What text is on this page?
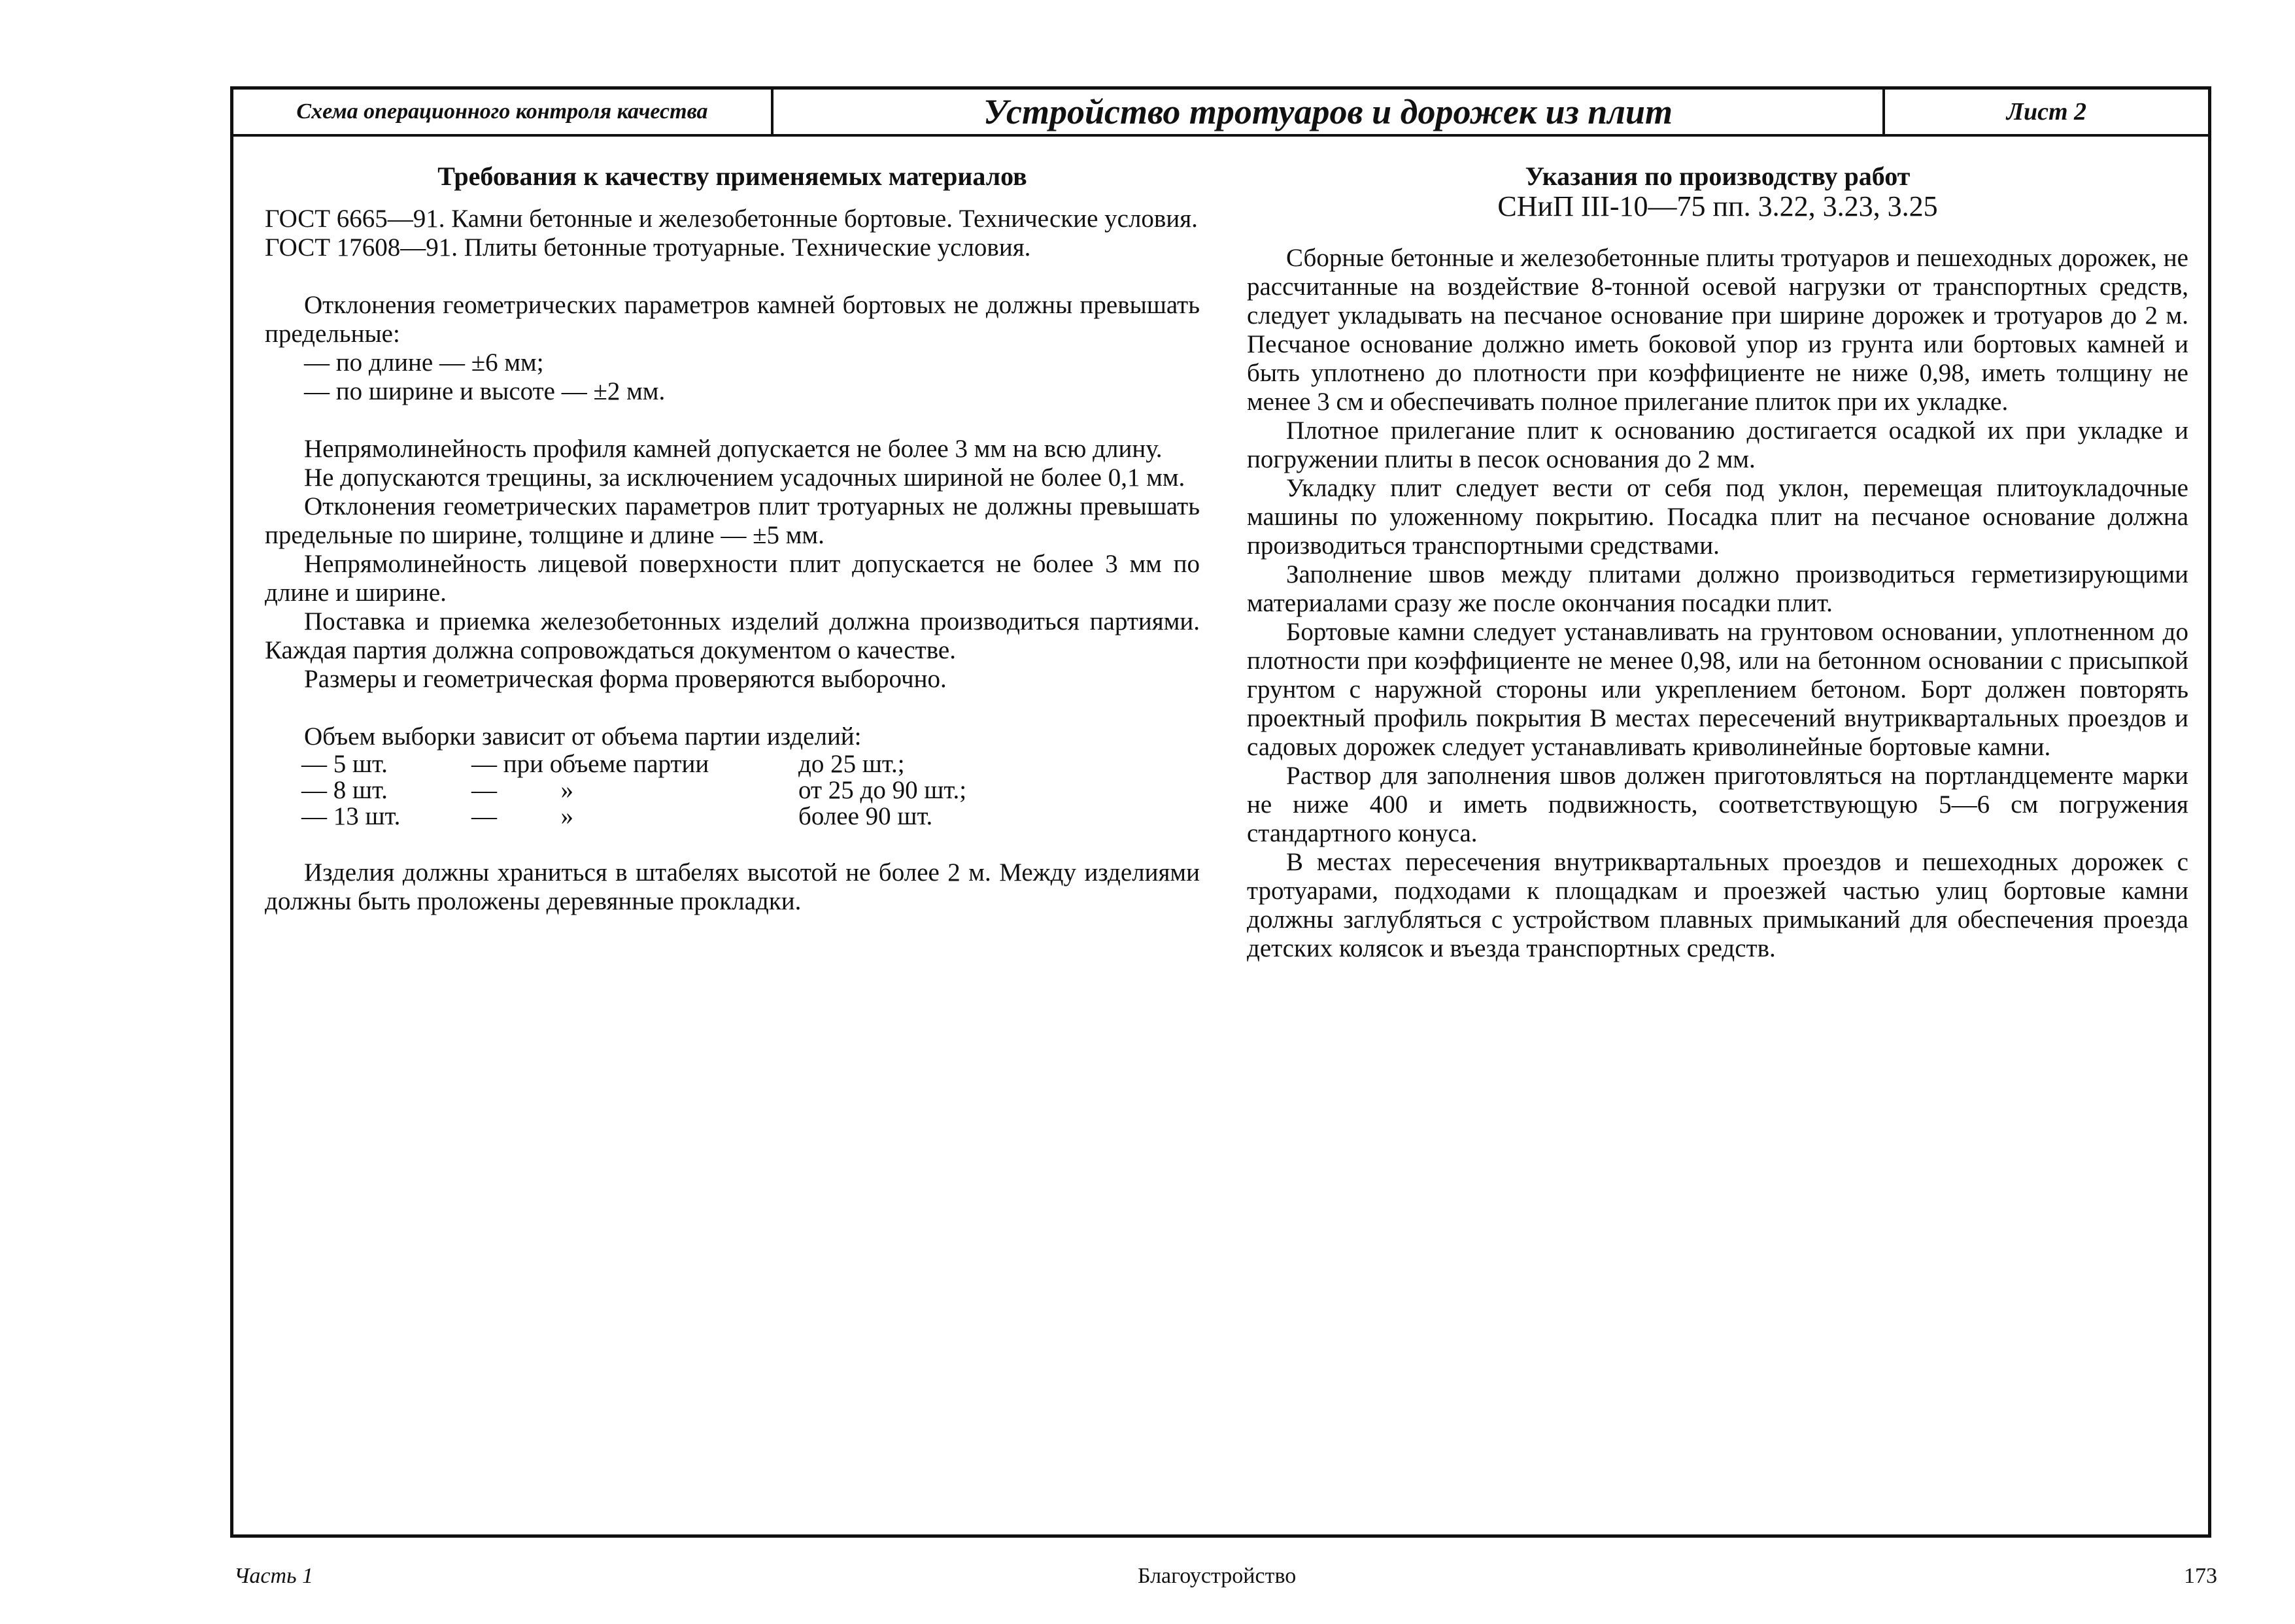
Схема операционного контроля качества	Устройство тротуаров и дорожек из плит	Лист 2
Требования к качеству применяемых материалов

ГОСТ 6665—91. Камни бетонные и железобетонные бортовые. Технические условия.

ГОСТ 17608—91. Плиты бетонные тротуарные. Технические условия.

Отклонения геометрических параметров камней бортовых не должны превышать предельные:

— по длине — ±6 мм;

— по ширине и высоте — ±2 мм.

Непрямолинейность профиля камней допускается не более 3 мм на всю длину.

Не допускаются трещины, за исключением усадочных шириной не более 0,1 мм.

Отклонения геометрических параметров плит тротуарных не должны превышать предельные по ширине, толщине и длине — ±5 мм.

Непрямолинейность лицевой поверхности плит допускается не более 3 мм по длине и ширине.

Поставка и приемка железобетонных изделий должна производиться партиями. Каждая партия должна сопровождаться документом о качестве.

Размеры и геометрическая форма проверяются выборочно.

Объем выборки зависит от объема партии изделий:

— 5 шт.	— при объеме партии	до 25 шт.;
— 8 шт.	—          »	от 25 до 90 шт.;
— 13 шт.	—          »	более 90 шт.

Изделия должны храниться в штабелях высотой не более 2 м. Между изделиями должны быть проложены деревянные прокладки.

Указания по производству работ
СНиП III-10—75 пп. 3.22, 3.23, 3.25

Сборные бетонные и железобетонные плиты тротуаров и пешеходных дорожек, не рассчитанные на воздействие 8-тонной осевой нагрузки от транспортных средств, следует укладывать на песчаное основание при ширине дорожек и тротуаров до 2 м. Песчаное основание должно иметь боковой упор из грунта или бортовых камней и быть уплотнено до плотности при коэффициенте не ниже 0,98, иметь толщину не менее 3 см и обеспечивать полное прилегание плиток при их укладке.

Плотное прилегание плит к основанию достигается осадкой их при укладке и погружении плиты в песок основания до 2 мм.

Укладку плит следует вести от себя под уклон, перемещая плитоукладочные машины по уложенному покрытию. Посадка плит на песчаное основание должна производиться транспортными средствами.

Заполнение швов между плитами должно производиться герметизирующими материалами сразу же после окончания посадки плит.

Бортовые камни следует устанавливать на грунтовом основании, уплотненном до плотности при коэффициенте не менее 0,98, или на бетонном основании с присыпкой грунтом с наружной стороны или укреплением бетоном. Борт должен повторять проектный профиль покрытия В местах пересечений внутриквартальных проездов и садовых дорожек следует устанавливать криволинейные бортовые камни.

Раствор для заполнения швов должен приготовляться на портландцементе марки не ниже 400 и иметь подвижность, соответствующую 5—6 см погружения стандартного конуса.

В местах пересечения внутриквартальных проездов и пешеходных дорожек с тротуарами, подходами к площадкам и проезжей частью улиц бортовые камни должны заглубляться с устройством плавных примыканий для обеспечения проезда детских колясок и въезда транспортных средств.

Часть 1	Благоустройство	173
